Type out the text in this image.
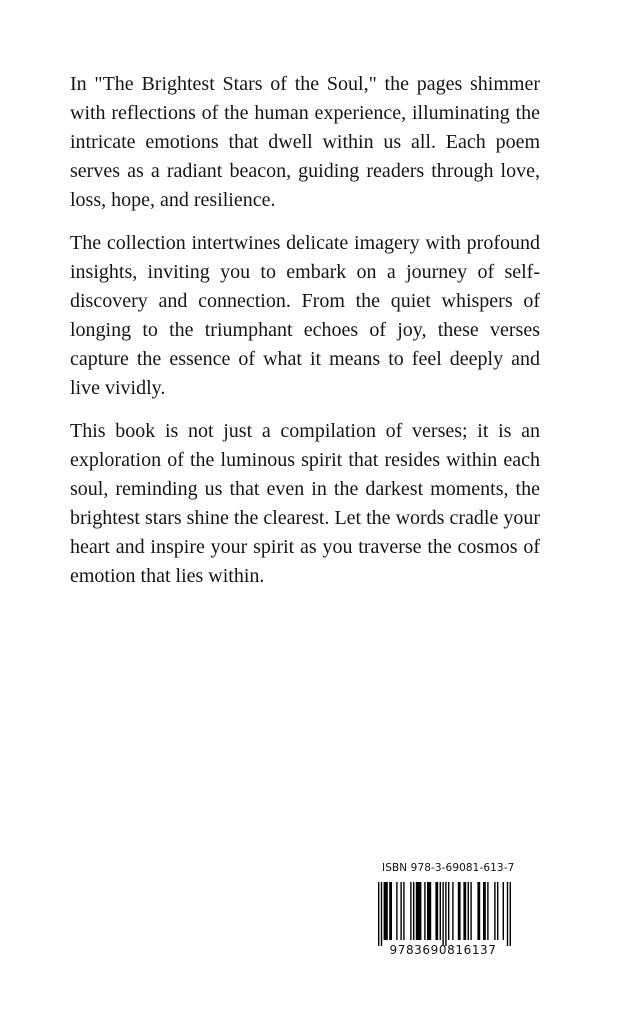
In "The Brightest Stars of the Soul," the pages shimmer with reflections of the human experience, illuminating the intricate emotions that dwell within us all. Each poem serves as a radiant beacon, guiding readers through love, loss, hope, and resilience.

The collection intertwines delicate imagery with profound insights, inviting you to embark on a journey of self-discovery and connection. From the quiet whispers of longing to the triumphant echoes of joy, these verses capture the essence of what it means to feel deeply and live vividly.

This book is not just a compilation of verses; it is an exploration of the luminous spirit that resides within each soul, reminding us that even in the darkest moments, the brightest stars shine the clearest. Let the words cradle your heart and inspire your spirit as you traverse the cosmos of emotion that lies within.

ISBN 978-3-69081-613-7
9783690816137
